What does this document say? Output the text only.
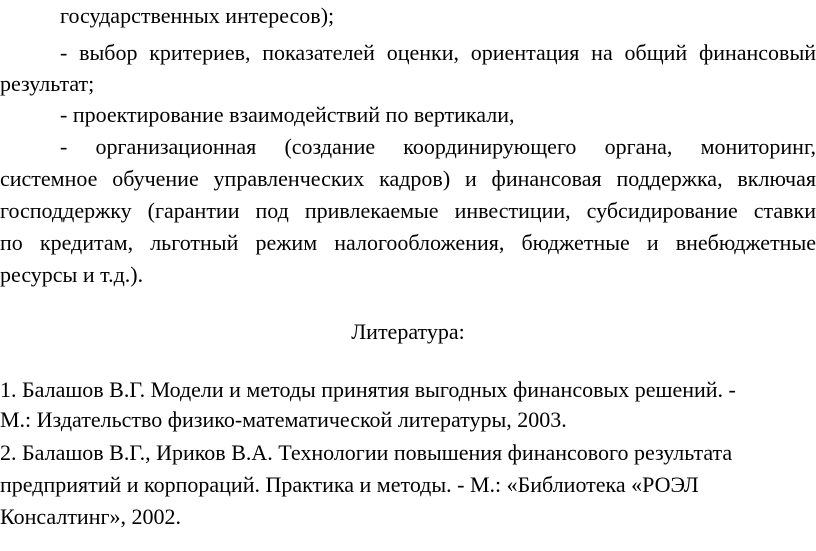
государственных интересов);
- выбор критериев, показателей оценки, ориентация на общий финансовый
результат;
- проектирование взаимодействий по вертикали,
- организационная (создание координирующего органа, мониторинг,
системное обучение управленческих кадров) и финансовая поддержка, включая
господдержку (гарантии под привлекаемые инвестиции, субсидирование ставки
по кредитам, льготный режим налогообложения, бюджетные и внебюджетные
ресурсы и т.д.).
Литература:
1. Балашов В.Г. Модели и методы принятия выгодных финансовых решений. -
М.: Издательство физико-математической литературы, 2003.
2. Балашов В.Г., Ириков В.А. Технологии повышения финансового результата
предприятий и корпораций. Практика и методы. - М.: «Библиотека «РОЭЛ
Консалтинг», 2002.
